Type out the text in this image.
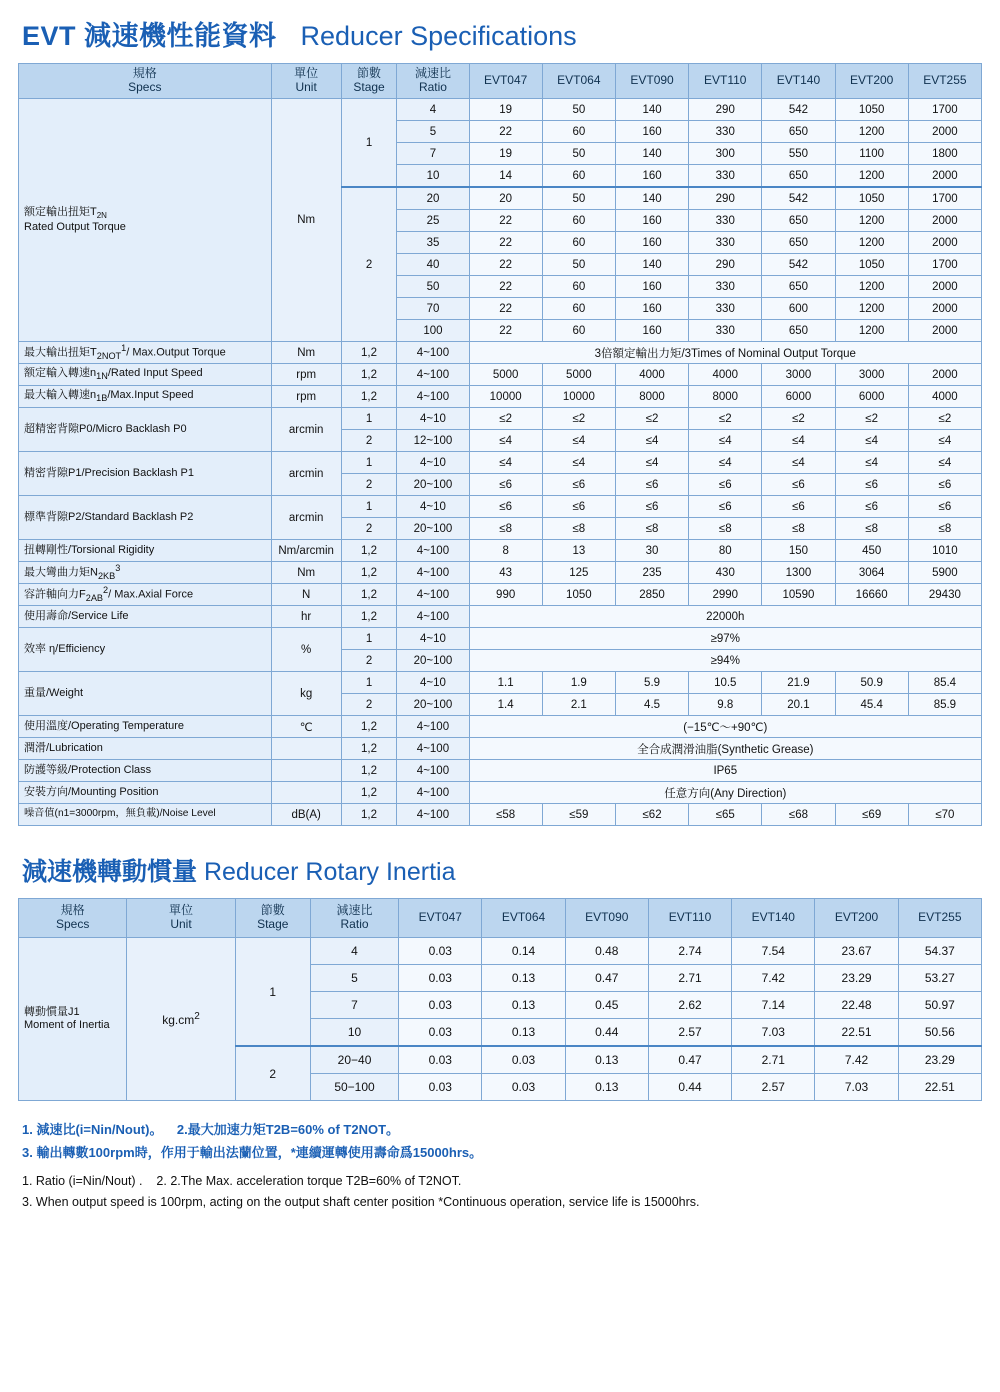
EVT 減速機性能資料 Reducer Specifications
規格
Specs	單位
Unit	節數
Stage	減速比
Ratio	EVT047	EVT064	EVT090	EVT110	EVT140	EVT200	EVT255
额定輸出扭矩$T_{2N}$
Rated Output Torque	Nm	1	4	19	50	140	290	542	1050	1700
			5	22	60	160	330	650	1200	2000
			7	19	50	140	300	550	1100	1800
			10	14	60	160	330	650	1200	2000
		2	20	20	50	140	290	542	1050	1700
			25	22	60	160	330	650	1200	2000
			35	22	60	160	330	650	1200	2000
			40	22	50	140	290	542	1050	1700
			50	22	60	160	330	650	1200	2000
			70	22	60	160	330	600	1200	2000
			100	22	60	160	330	650	1200	2000
最大輸出扭矩$T_{2NOT}^1/$ Max.Output Torque	Nm	1,2	4~100	3倍額定輸出力矩/3Times of Nominal Output Torque						
额定輸入轉速$n_{1N}$/Rated Input Speed	rpm	1,2	4~100	5000	5000	4000	4000	3000	3000	2000
最大輸入轉速$n_{1B}/Max.Input$ Speed	rpm	1,2	4~100	10000	10000	8000	8000	6000	6000	4000
超精密背隙P0/Micro Backlash P0	arcmin	1	4~10	≤2	≤2	≤2	≤2	≤2	≤2	≤2
		2	12~100	≤4	≤4	≤4	≤4	≤4	≤4	≤4
精密背隙P1/Precision Backlash P1	arcmin	1	4~10	≤4	≤4	≤4	≤4	≤4	≤4	≤4
		2	20~100	≤6	≤6	≤6	≤6	≤6	≤6	≤6
標準背隙P2/Standard Backlash P2	arcmin	1	4~10	≤6	≤6	≤6	≤6	≤6	≤6	≤6
		2	20~100	≤8	≤8	≤8	≤8	≤8	≤8	≤8
扭轉剛性/Torsional Rigidity	Nm/arcmin	1,2	4~100	8	13	30	80	150	450	1010
最大彎曲力矩$N_{2KB}^3$	Nm	1,2	4~100	43	125	235	430	1300	3064	5900
容許軸向力$F_{2AB}^2/$ Max.Axial Force	N	1,2	4~100	990	1050	2850	2990	10590	16660	29430
使用壽命/Service Life	hr	1,2	4~100	22000h						
效率 η/Efficiency	%	1	4~10	≥97%						
		2	20~100	≥94%						
重量/Weight	kg	1	4~10	1.1	1.9	5.9	10.5	21.9	50.9	85.4
		2	20~100	1.4	2.1	4.5	9.8	20.1	45.4	85.9
使用溫度/Operating Temperature	℃	1,2	4~100	(−15℃～+90℃)						
潤滑/Lubrication		1,2	4~100	全合成潤滑油脂(Synthetic Grease)						
防護等級/Protection Class		1,2	4~100	IP65						
安裝方向/Mounting Position		1,2	4~100	任意方向(Any Direction)						
噪音值(n1=3000rpm，無負載)/Noise Level	dB(A)	1,2	4~100	≤58	≤59	≤62	≤65	≤68	≤69	≤70
減速機轉動慣量 Reducer Rotary Inertia
規格
Specs	單位
Unit	節數
Stage	減速比
Ratio	EVT047	EVT064	EVT090	EVT110	EVT140	EVT200	EVT255
轉動慣量J1
Moment of Inertia	$kg.cm^2$	1	4	0.03	0.14	0.48	2.74	7.54	23.67	54.37
			5	0.03	0.13	0.47	2.71	7.42	23.29	53.27
			7	0.03	0.13	0.45	2.62	7.14	22.48	50.97
			10	0.03	0.13	0.44	2.57	7.03	22.51	50.56
		2	20−40	0.03	0.03	0.13	0.47	2.71	7.42	23.29
			50−100	0.03	0.03	0.13	0.44	2.57	7.03	22.51
1. 減速比(i=Nin/Nout)。    2.最大加速力矩T2B=60% of T2NOT。
3. 輸出轉數100rpm時，作用于輸出法蘭位置，*連續運轉使用壽命爲15000hrs。
1. Ratio (i=Nin/Nout) .    2. 2.The Max. acceleration torque T2B=60% of T2NOT.
3. When output speed is 100rpm, acting on the output shaft center position *Continuous operation, service life is 15000hrs.
